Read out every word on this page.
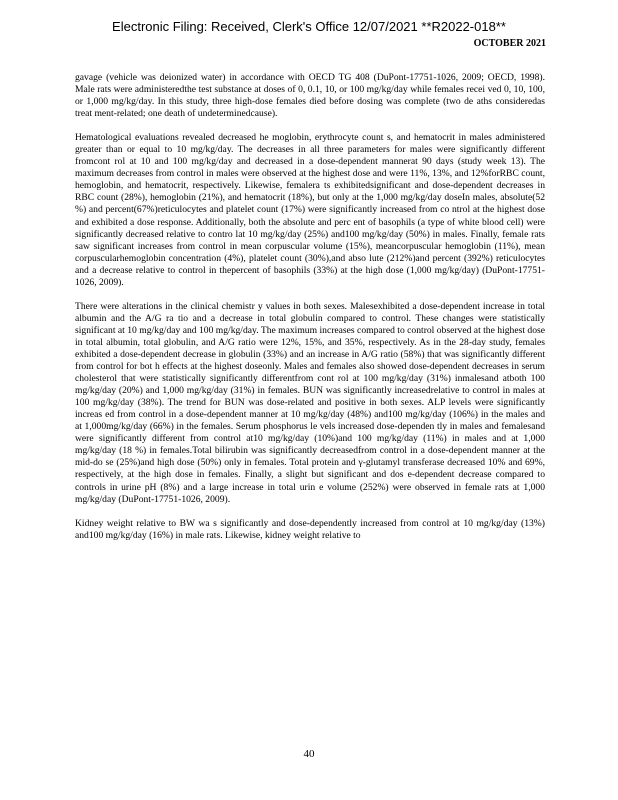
Electronic Filing: Received, Clerk's Office 12/07/2021 **R2022-018**
OCTOBER 2021

gavage (vehicle was deionized water) in accordance with OECD TG 408 (DuPont-17751-1026, 2009; OECD, 1998). Male rats were administeredthe test substance at doses of 0, 0.1, 10, or 100 mg/kg/day while females recei ved 0, 10, 100, or 1,000 mg/kg/day. In this study, three high-dose females died before dosing was complete (two de aths consideredas treat ment-related; one death of undeterminedcause).

Hematological evaluations revealed decreased he moglobin, erythrocyte count s, and hematocrit in males administered greater than or equal to 10 mg/kg/day. The decreases in all three parameters for males were significantly different fromcont rol at 10 and 100 mg/kg/day and decreased in a dose-dependent mannerat 90 days (study week 13). The maximum decreases from control in males were observed at the highest dose and were 11%, 13%, and 12%forRBC count, hemoglobin, and hematocrit, respectively. Likewise, femalera ts exhibitedsignificant and dose-dependent decreases in RBC count (28%), hemoglobin (21%), and hematocrit (18%), but only at the 1,000 mg/kg/day doseIn males, absolute(52 %) and percent(67%)reticulocytes and platelet count (17%) were significantly increased from co ntrol at the highest dose and exhibited a dose response. Additionally, both the absolute and perc ent of basophils (a type of white blood cell) were significantly decreased relative to contro lat 10 mg/kg/day (25%) and100 mg/kg/day (50%) in males. Finally, female rats saw significant increases from control in mean corpuscular volume (15%), meancorpuscular hemoglobin (11%), mean corpuscularhemoglobin concentration (4%), platelet count (30%),and abso lute (212%)and percent (392%) reticulocytes and a decrease relative to control in thepercent of basophils (33%) at the high dose (1,000 mg/kg/day) (DuPont-17751-1026, 2009).

There were alterations in the clinical chemistr y values in both sexes. Malesexhibited a dose-dependent increase in total albumin and the A/G ra tio and a decrease in total globulin compared to control. These changes were statistically significant at 10 mg/kg/day and 100 mg/kg/day. The maximum increases compared to control observed at the highest dose in total albumin, total globulin, and A/G ratio were 12%, 15%, and 35%, respectively. As in the 28-day study, females exhibited a dose-dependent decrease in globulin (33%) and an increase in A/G ratio (58%) that was significantly different from control for bot h effects at the highest doseonly. Males and females also showed dose-dependent decreases in serum cholesterol that were statistically significantly differentfrom cont rol at 100 mg/kg/day (31%) inmalesand atboth 100 mg/kg/day (20%) and 1,000 mg/kg/day (31%) in females. BUN was significantly increasedrelative to control in males at 100 mg/kg/day (38%). The trend for BUN was dose-related and positive in both sexes. ALP levels were significantly increas ed from control in a dose-dependent manner at 10 mg/kg/day (48%) and100 mg/kg/day (106%) in the males and at 1,000mg/kg/day (66%) in the females. Serum phosphorus le vels increased dose-dependen tly in males and femalesand were significantly different from control at10 mg/kg/day (10%)and 100 mg/kg/day (11%) in males and at 1,000 mg/kg/day (18 %) in females.Total bilirubin was significantly decreasedfrom control in a dose-dependent manner at the mid-do se (25%)and high dose (50%) only in females. Total protein and γ-glutamyl transferase decreased 10% and 69%, respectively, at the high dose in females. Finally, a slight but significant and dos e-dependent decrease compared to controls in urine pH (8%) and a large increase in total urin e volume (252%) were observed in female rats at 1,000 mg/kg/day (DuPont-17751-1026, 2009).

Kidney weight relative to BW wa s significantly and dose-dependently increased from control at 10 mg/kg/day (13%) and100 mg/kg/day (16%) in male rats. Likewise, kidney weight relative to

40
